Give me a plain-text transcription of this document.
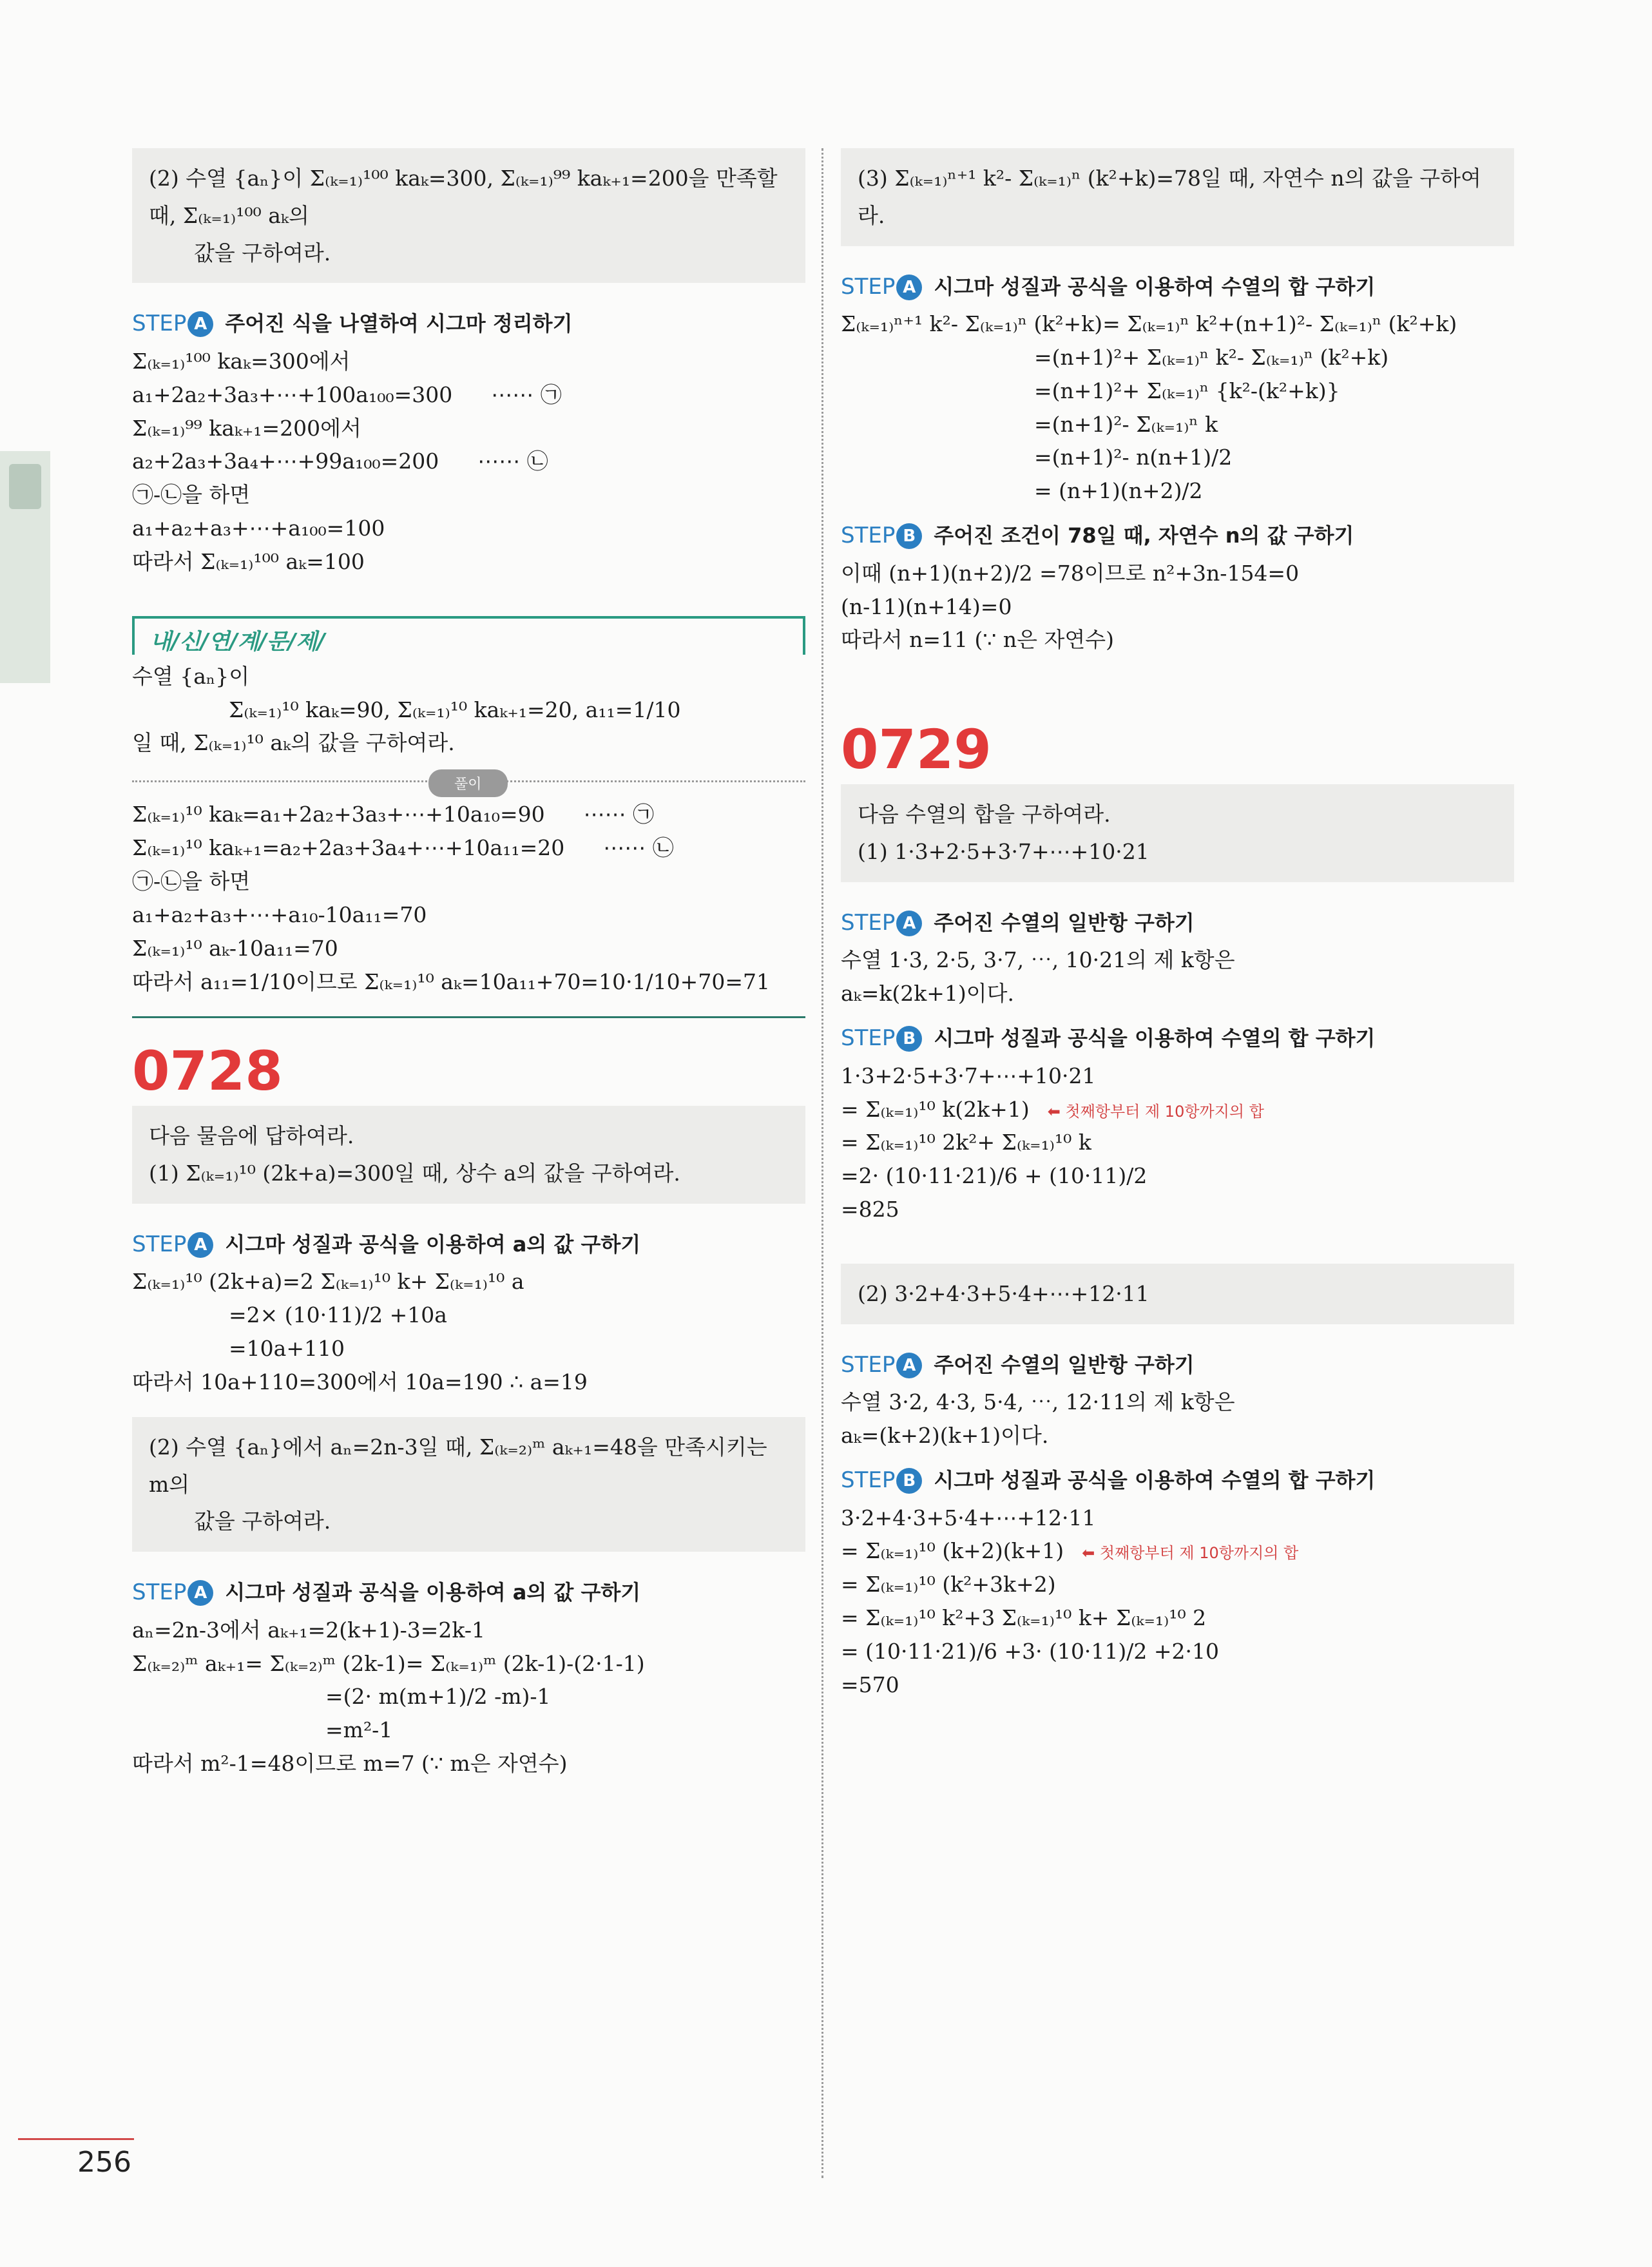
(2) 수열 {aₙ}이 Σ₍ₖ₌₁₎¹⁰⁰ kaₖ=300, Σ₍ₖ₌₁₎⁹⁹ kaₖ₊₁=200을 만족할 때, Σ₍ₖ₌₁₎¹⁰⁰ aₖ의
값을 구하여라.
STEP A 주어진 식을 나열하여 시그마 정리하기
Σ₍ₖ₌₁₎¹⁰⁰ kaₖ=300에서
a₁+2a₂+3a₃+⋯+100a₁₀₀=300 ⋯⋯ ㉠
Σ₍ₖ₌₁₎⁹⁹ kaₖ₊₁=200에서
a₂+2a₃+3a₄+⋯+99a₁₀₀=200 ⋯⋯ ㉡
㉠-㉡을 하면
a₁+a₂+a₃+⋯+a₁₀₀=100
따라서 Σ₍ₖ₌₁₎¹⁰⁰ aₖ=100
내/신/연/계/문/제/
수열 {aₙ}이
Σ₍ₖ₌₁₎¹⁰ kaₖ=90, Σ₍ₖ₌₁₎¹⁰ kaₖ₊₁=20, a₁₁=1/10
일 때, Σ₍ₖ₌₁₎¹⁰ aₖ의 값을 구하여라.
풀이
Σ₍ₖ₌₁₎¹⁰ kaₖ=a₁+2a₂+3a₃+⋯+10a₁₀=90 ⋯⋯ ㉠
Σ₍ₖ₌₁₎¹⁰ kaₖ₊₁=a₂+2a₃+3a₄+⋯+10a₁₁=20 ⋯⋯ ㉡
㉠-㉡을 하면
a₁+a₂+a₃+⋯+a₁₀-10a₁₁=70
Σ₍ₖ₌₁₎¹⁰ aₖ-10a₁₁=70
따라서 a₁₁=1/10이므로 Σ₍ₖ₌₁₎¹⁰ aₖ=10a₁₁+70=10·1/10+70=71
0728
다음 물음에 답하여라.
(1) Σ₍ₖ₌₁₎¹⁰ (2k+a)=300일 때, 상수 a의 값을 구하여라.
STEP A 시그마 성질과 공식을 이용하여 a의 값 구하기
Σ₍ₖ₌₁₎¹⁰ (2k+a)=2 Σ₍ₖ₌₁₎¹⁰ k+ Σ₍ₖ₌₁₎¹⁰ a
=2× (10·11)/2 +10a
=10a+110
따라서 10a+110=300에서 10a=190 ∴ a=19
(2) 수열 {aₙ}에서 aₙ=2n-3일 때, Σ₍ₖ₌₂₎ᵐ aₖ₊₁=48을 만족시키는 m의
값을 구하여라.
STEP A 시그마 성질과 공식을 이용하여 a의 값 구하기
aₙ=2n-3에서 aₖ₊₁=2(k+1)-3=2k-1
Σ₍ₖ₌₂₎ᵐ aₖ₊₁= Σ₍ₖ₌₂₎ᵐ (2k-1)= Σ₍ₖ₌₁₎ᵐ (2k-1)-(2·1-1)
=(2· m(m+1)/2 -m)-1
=m²-1
따라서 m²-1=48이므로 m=7 (∵ m은 자연수)
(3) Σ₍ₖ₌₁₎ⁿ⁺¹ k²- Σ₍ₖ₌₁₎ⁿ (k²+k)=78일 때, 자연수 n의 값을 구하여라.
STEP A 시그마 성질과 공식을 이용하여 수열의 합 구하기
Σ₍ₖ₌₁₎ⁿ⁺¹ k²- Σ₍ₖ₌₁₎ⁿ (k²+k)= Σ₍ₖ₌₁₎ⁿ k²+(n+1)²- Σ₍ₖ₌₁₎ⁿ (k²+k)
=(n+1)²+ Σ₍ₖ₌₁₎ⁿ k²- Σ₍ₖ₌₁₎ⁿ (k²+k)
=(n+1)²+ Σ₍ₖ₌₁₎ⁿ {k²-(k²+k)}
=(n+1)²- Σ₍ₖ₌₁₎ⁿ k
=(n+1)²- n(n+1)/2
= (n+1)(n+2)/2
STEP B 주어진 조건이 78일 때, 자연수 n의 값 구하기
이때 (n+1)(n+2)/2 =78이므로 n²+3n-154=0
(n-11)(n+14)=0
따라서 n=11 (∵ n은 자연수)
0729
다음 수열의 합을 구하여라.
(1) 1·3+2·5+3·7+⋯+10·21
STEP A 주어진 수열의 일반항 구하기
수열 1·3, 2·5, 3·7, ⋯, 10·21의 제 k항은
aₖ=k(2k+1)이다.
STEP B 시그마 성질과 공식을 이용하여 수열의 합 구하기
1·3+2·5+3·7+⋯+10·21
= Σ₍ₖ₌₁₎¹⁰ k(2k+1) ⬅ 첫째항부터 제 10항까지의 합
= Σ₍ₖ₌₁₎¹⁰ 2k²+ Σ₍ₖ₌₁₎¹⁰ k
=2· (10·11·21)/6 + (10·11)/2
=825
(2) 3·2+4·3+5·4+⋯+12·11
STEP A 주어진 수열의 일반항 구하기
수열 3·2, 4·3, 5·4, ⋯, 12·11의 제 k항은
aₖ=(k+2)(k+1)이다.
STEP B 시그마 성질과 공식을 이용하여 수열의 합 구하기
3·2+4·3+5·4+⋯+12·11
= Σ₍ₖ₌₁₎¹⁰ (k+2)(k+1) ⬅ 첫째항부터 제 10항까지의 합
= Σ₍ₖ₌₁₎¹⁰ (k²+3k+2)
= Σ₍ₖ₌₁₎¹⁰ k²+3 Σ₍ₖ₌₁₎¹⁰ k+ Σ₍ₖ₌₁₎¹⁰ 2
= (10·11·21)/6 +3· (10·11)/2 +2·10
=570
256
